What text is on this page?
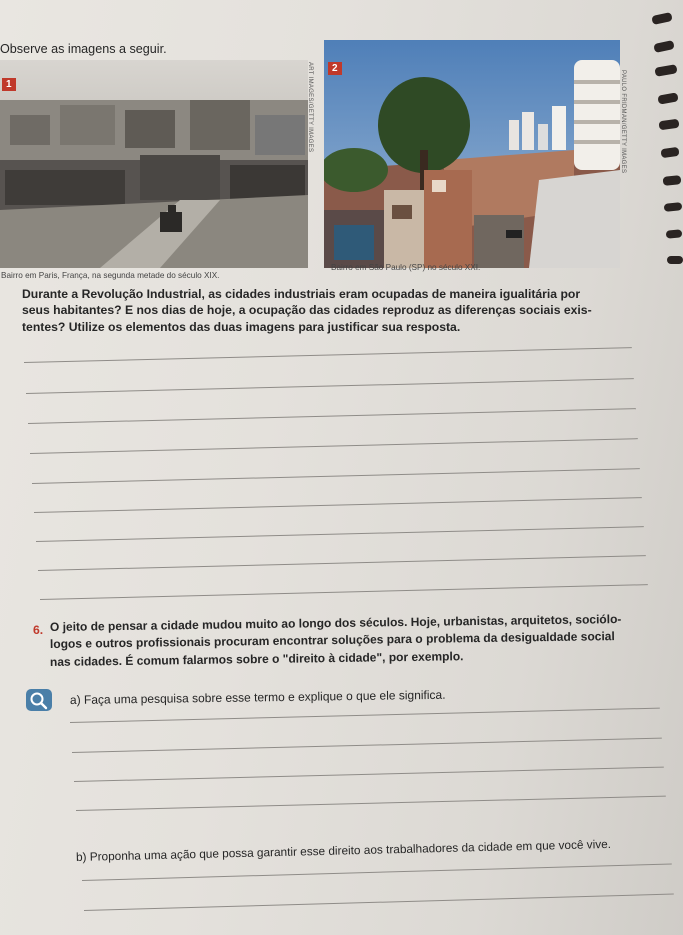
Observe as imagens a seguir.
1	ART IMAGES/GETTY IMAGES
Bairro em Paris, França, na segunda metade do século XIX.
2
PAULO FRIDMAN/GETTY IMAGES
Bairro em São Paulo (SP) no século XXI.
Durante a Revolução Industrial, as cidades industriais eram ocupadas de maneira igualitária por
seus habitantes? E nos dias de hoje, a ocupação das cidades reproduz as diferenças sociais exis-
tentes? Utilize os elementos das duas imagens para justificar sua resposta.
6. O jeito de pensar a cidade mudou muito ao longo dos séculos. Hoje, urbanistas, arquitetos, sociólo-
logos e outros profissionais procuram encontrar soluções para o problema da desigualdade social
nas cidades. É comum falarmos sobre o "direito à cidade", por exemplo.
a) Faça uma pesquisa sobre esse termo e explique o que ele significa.
b) Proponha uma ação que possa garantir esse direito aos trabalhadores da cidade em que você vive.
